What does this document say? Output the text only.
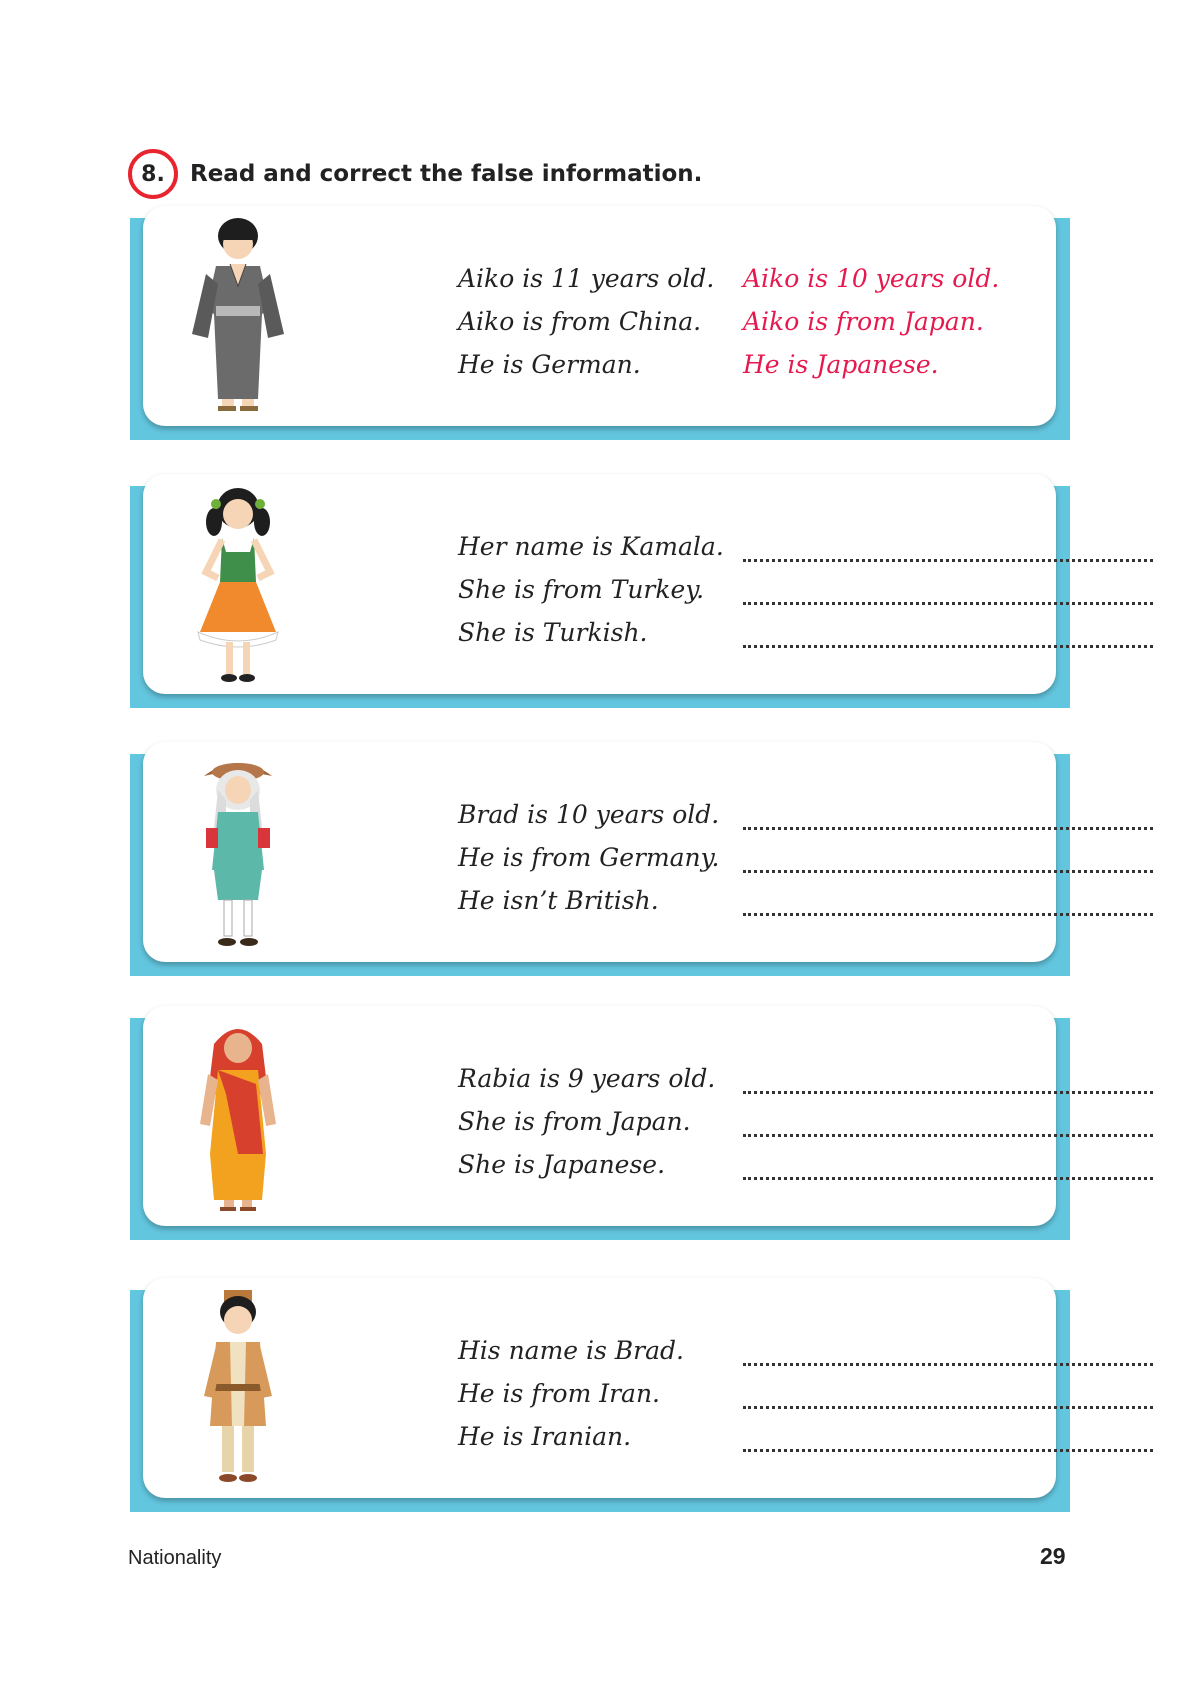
8.	Read and correct the false information.
Aiko is 11 years old. Aiko is 10 years old.
Aiko is from China. Aiko is from Japan.
He is German.	He is Japanese.
Her name is Kamala.
She is from Turkey.
She is Turkish.
Brad is 10 years old.
He is from Germany.
He isn’t British.
Rabia is 9 years old.
She is from Japan.
She is Japanese.
His name is Brad.
He is from Iran.
He is Iranian.
Nationality	29
